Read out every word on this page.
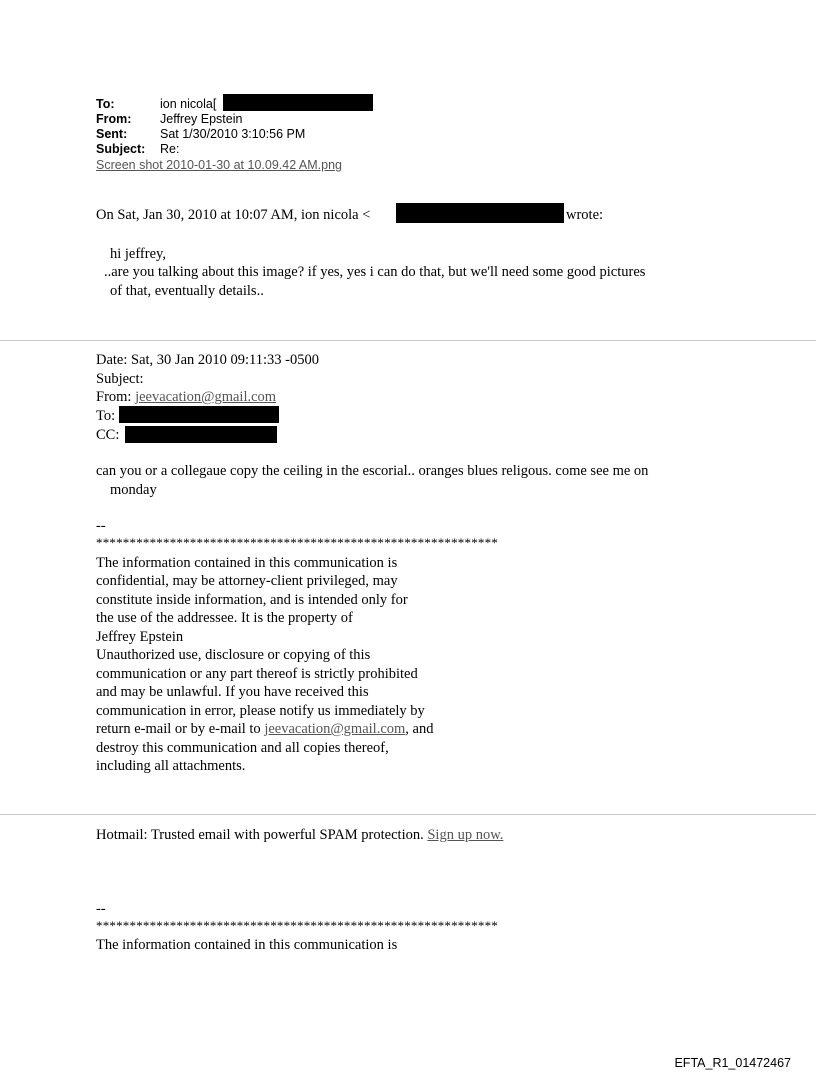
To:	ion nicola[
From: Jeffrey Epstein
Sent:	Sat 1/30/2010 3:10:56 PM
Subject: Re:
Screen shot 2010-01-30 at 10.09.42 AM.png
On Sat, Jan 30, 2010 at 10:07 AM, ion nicola <	wrote:
hi jeffrey,
..are you talking about this image? if yes, yes i can do that, but we'll need some good pictures
of that, eventually details..
Date: Sat, 30 Jan 2010 09:11:33 -0500
Subject:
From: jeevacation@gmail.com
To:
CC:
can you or a collegaue copy the ceiling in the escorial.. oranges blues religous. come see me on
monday
--
************************************************************
The information contained in this communication is
confidential, may be attorney-client privileged, may
constitute inside information, and is intended only for
the use of the addressee. It is the property of
Jeffrey Epstein
Unauthorized use, disclosure or copying of this
communication or any part thereof is strictly prohibited
and may be unlawful. If you have received this
communication in error, please notify us immediately by
return e-mail or by e-mail to jeevacation@gmail.com, and
destroy this communication and all copies thereof,
including all attachments.
Hotmail: Trusted email with powerful SPAM protection. Sign up now.
--
************************************************************
The information contained in this communication is
EFTA_R1_01472467
